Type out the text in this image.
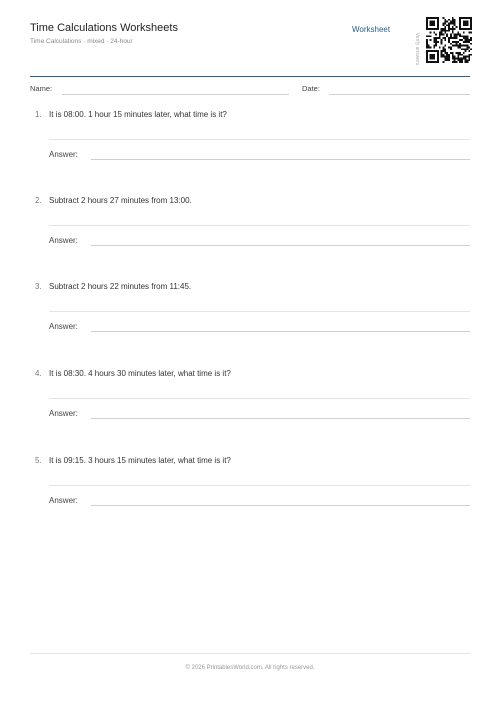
Time Calculations Worksheets
Time Calculations · mixed · 24-hour
Worksheet
Verify answers
Name:	Date:
1. It is 08:00. 1 hour 15 minutes later, what time is it?
Answer:
2. Subtract 2 hours 27 minutes from 13:00.
Answer:
3. Subtract 2 hours 22 minutes from 11:45.
Answer:
4. It is 08:30. 4 hours 30 minutes later, what time is it?
Answer:
5. It is 09:15. 3 hours 15 minutes later, what time is it?
Answer:
© 2026 PrintablesWorld.com. All rights reserved.
